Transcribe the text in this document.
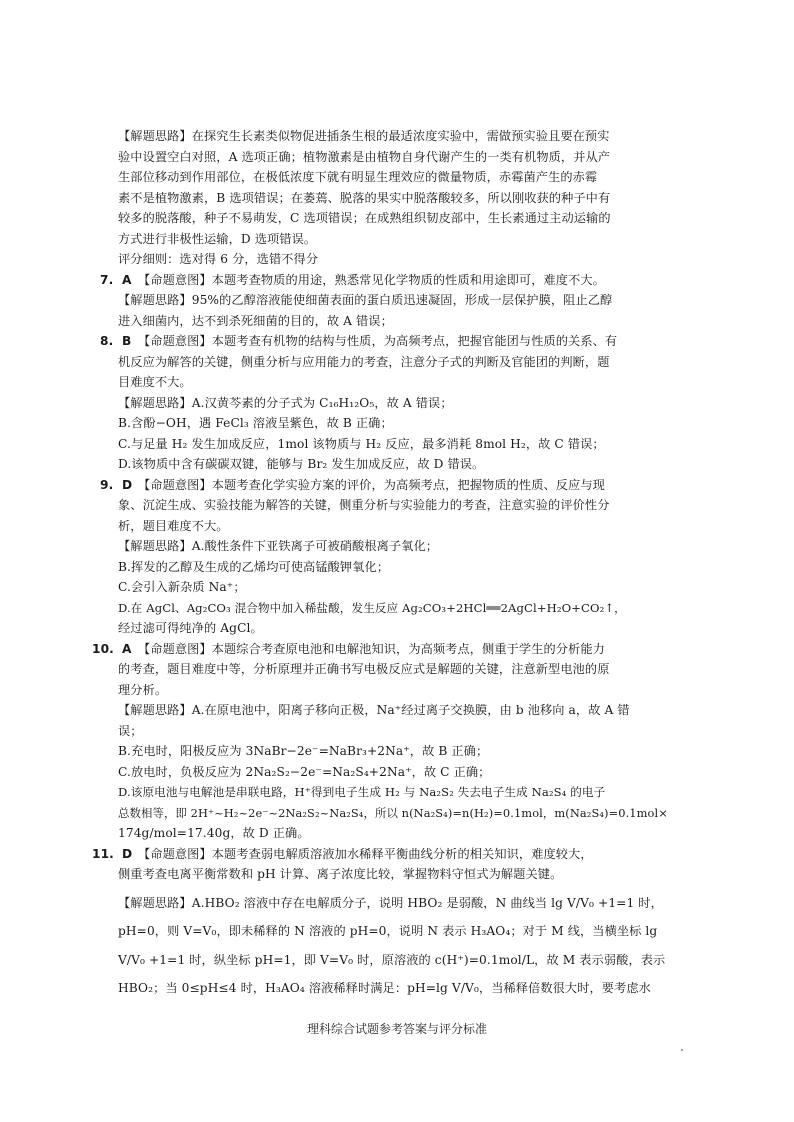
【解题思路】在探究生长素类似物促进插条生根的最适浓度实验中，需做预实验且要在预实
验中设置空白对照，A 选项正确；植物激素是由植物自身代谢产生的一类有机物质，并从产
生部位移动到作用部位，在极低浓度下就有明显生理效应的微量物质，赤霉菌产生的赤霉
素不是植物激素，B 选项错误；在萎蔫、脱落的果实中脱落酸较多，所以刚收获的种子中有
较多的脱落酸，种子不易萌发，C 选项错误；在成熟组织韧皮部中，生长素通过主动运输的
方式进行非极性运输，D 选项错误。
评分细则：选对得 6 分，选错不得分
7. A 【命题意图】本题考查物质的用途，熟悉常见化学物质的性质和用途即可，难度不大。
【解题思路】95%的乙醇溶液能使细菌表面的蛋白质迅速凝固，形成一层保护膜，阻止乙醇
进入细菌内，达不到杀死细菌的目的，故 A 错误；
8. B 【命题意图】本题考查有机物的结构与性质，为高频考点，把握官能团与性质的关系、有
机反应为解答的关键，侧重分析与应用能力的考查，注意分子式的判断及官能团的判断，题
目难度不大。
【解题思路】A.汉黄芩素的分子式为 C₁₆H₁₂O₅，故 A 错误；
B.含酚−OH，遇 FeCl₃ 溶液呈紫色，故 B 正确；
C.与足量 H₂ 发生加成反应，1mol 该物质与 H₂ 反应，最多消耗 8mol H₂，故 C 错误；
D.该物质中含有碳碳双键，能够与 Br₂ 发生加成反应，故 D 错误。
9. D 【命题意图】本题考查化学实验方案的评价，为高频考点，把握物质的性质、反应与现
象、沉淀生成、实验技能为解答的关键，侧重分析与实验能力的考查，注意实验的评价性分
析，题目难度不大。
【解题思路】A.酸性条件下亚铁离子可被硝酸根离子氧化；
B.挥发的乙醇及生成的乙烯均可使高锰酸钾氧化；
C.会引入新杂质 Na⁺；
D.在 AgCl、Ag₂CO₃ 混合物中加入稀盐酸，发生反应 Ag₂CO₃+2HCl══2AgCl+H₂O+CO₂↑，
经过滤可得纯净的 AgCl。
10. A 【命题意图】本题综合考查原电池和电解池知识，为高频考点，侧重于学生的分析能力
的考查，题目难度中等，分析原理并正确书写电极反应式是解题的关键，注意新型电池的原
理分析。
【解题思路】A.在原电池中，阳离子移向正极，Na⁺经过离子交换膜，由 b 池移向 a，故 A 错
误；
B.充电时，阳极反应为 3NaBr−2e⁻=NaBr₃+2Na⁺，故 B 正确；
C.放电时，负极反应为 2Na₂S₂−2e⁻=Na₂S₄+2Na⁺，故 C 正确；
D.该原电池与电解池是串联电路，H⁺得到电子生成 H₂ 与 Na₂S₂ 失去电子生成 Na₂S₄ 的电子
总数相等，即 2H⁺~H₂~2e⁻~2Na₂S₂~Na₂S₄，所以 n(Na₂S₄)=n(H₂)=0.1mol，m(Na₂S₄)=0.1mol×
174g/mol=17.40g，故 D 正确。
11. D 【命题意图】本题考查弱电解质溶液加水稀释平衡曲线分析的相关知识，难度较大，
侧重考查电离平衡常数和 pH 计算、离子浓度比较，掌握物料守恒式为解题关键。
【解题思路】A.HBO₂ 溶液中存在电解质分子，说明 HBO₂ 是弱酸，N 曲线当 lg V/V₀ +1=1 时，
pH=0，则 V=V₀，即未稀释的 N 溶液的 pH=0，说明 N 表示 H₃AO₄；对于 M 线，当横坐标 lg
V/V₀ +1=1 时，纵坐标 pH=1，即 V=V₀ 时，原溶液的 c(H⁺)=0.1mol/L，故 M 表示弱酸，表示
HBO₂；当 0≤pH≤4 时，H₃AO₄ 溶液稀释时满足：pH=lg V/V₀，当稀释倍数很大时，要考虑水
理科综合试题参考答案与评分标准
